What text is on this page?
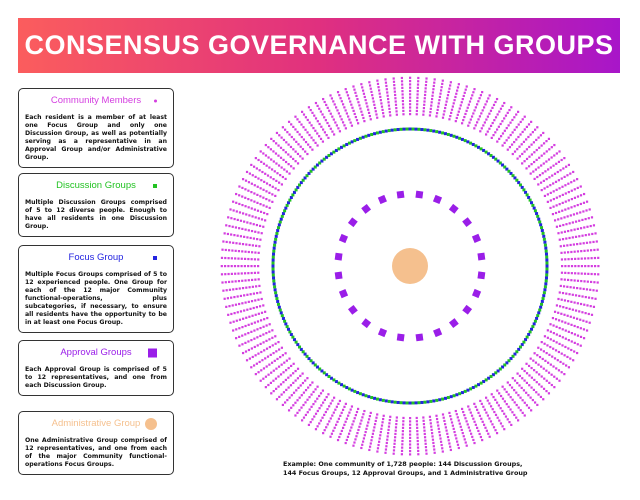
CONSENSUS GOVERNANCE WITH GROUPS
Community Members
Each resident is a member of at least one Focus Group and only one Discussion Group, as well as potentially serving as a representative in an Approval Group and/or Administrative Group.
Discussion Groups
Multiple Discussion Groups comprised of 5 to 12 diverse people. Enough to have all residents in one Discussion Group.
Focus Group
Multiple Focus Groups comprised of 5 to 12 experienced people. One Group for each of the 12 major Community functional-operations, plus subcategories, if necessary, to ensure all residents have the opportunity to be in at least one Focus Group.
Approval Groups
Each Approval Group is comprised of 5 to 12 representatives, and one from each Discussion Group.
Administrative Group
One Administrative Group comprised of 12 representatives, and one from each of the major Community functional-operations Focus Groups.	Example: One community of 1,728 people: 144 Discussion Groups,
144 Focus Groups, 12 Approval Groups, and 1 Administrative Group
